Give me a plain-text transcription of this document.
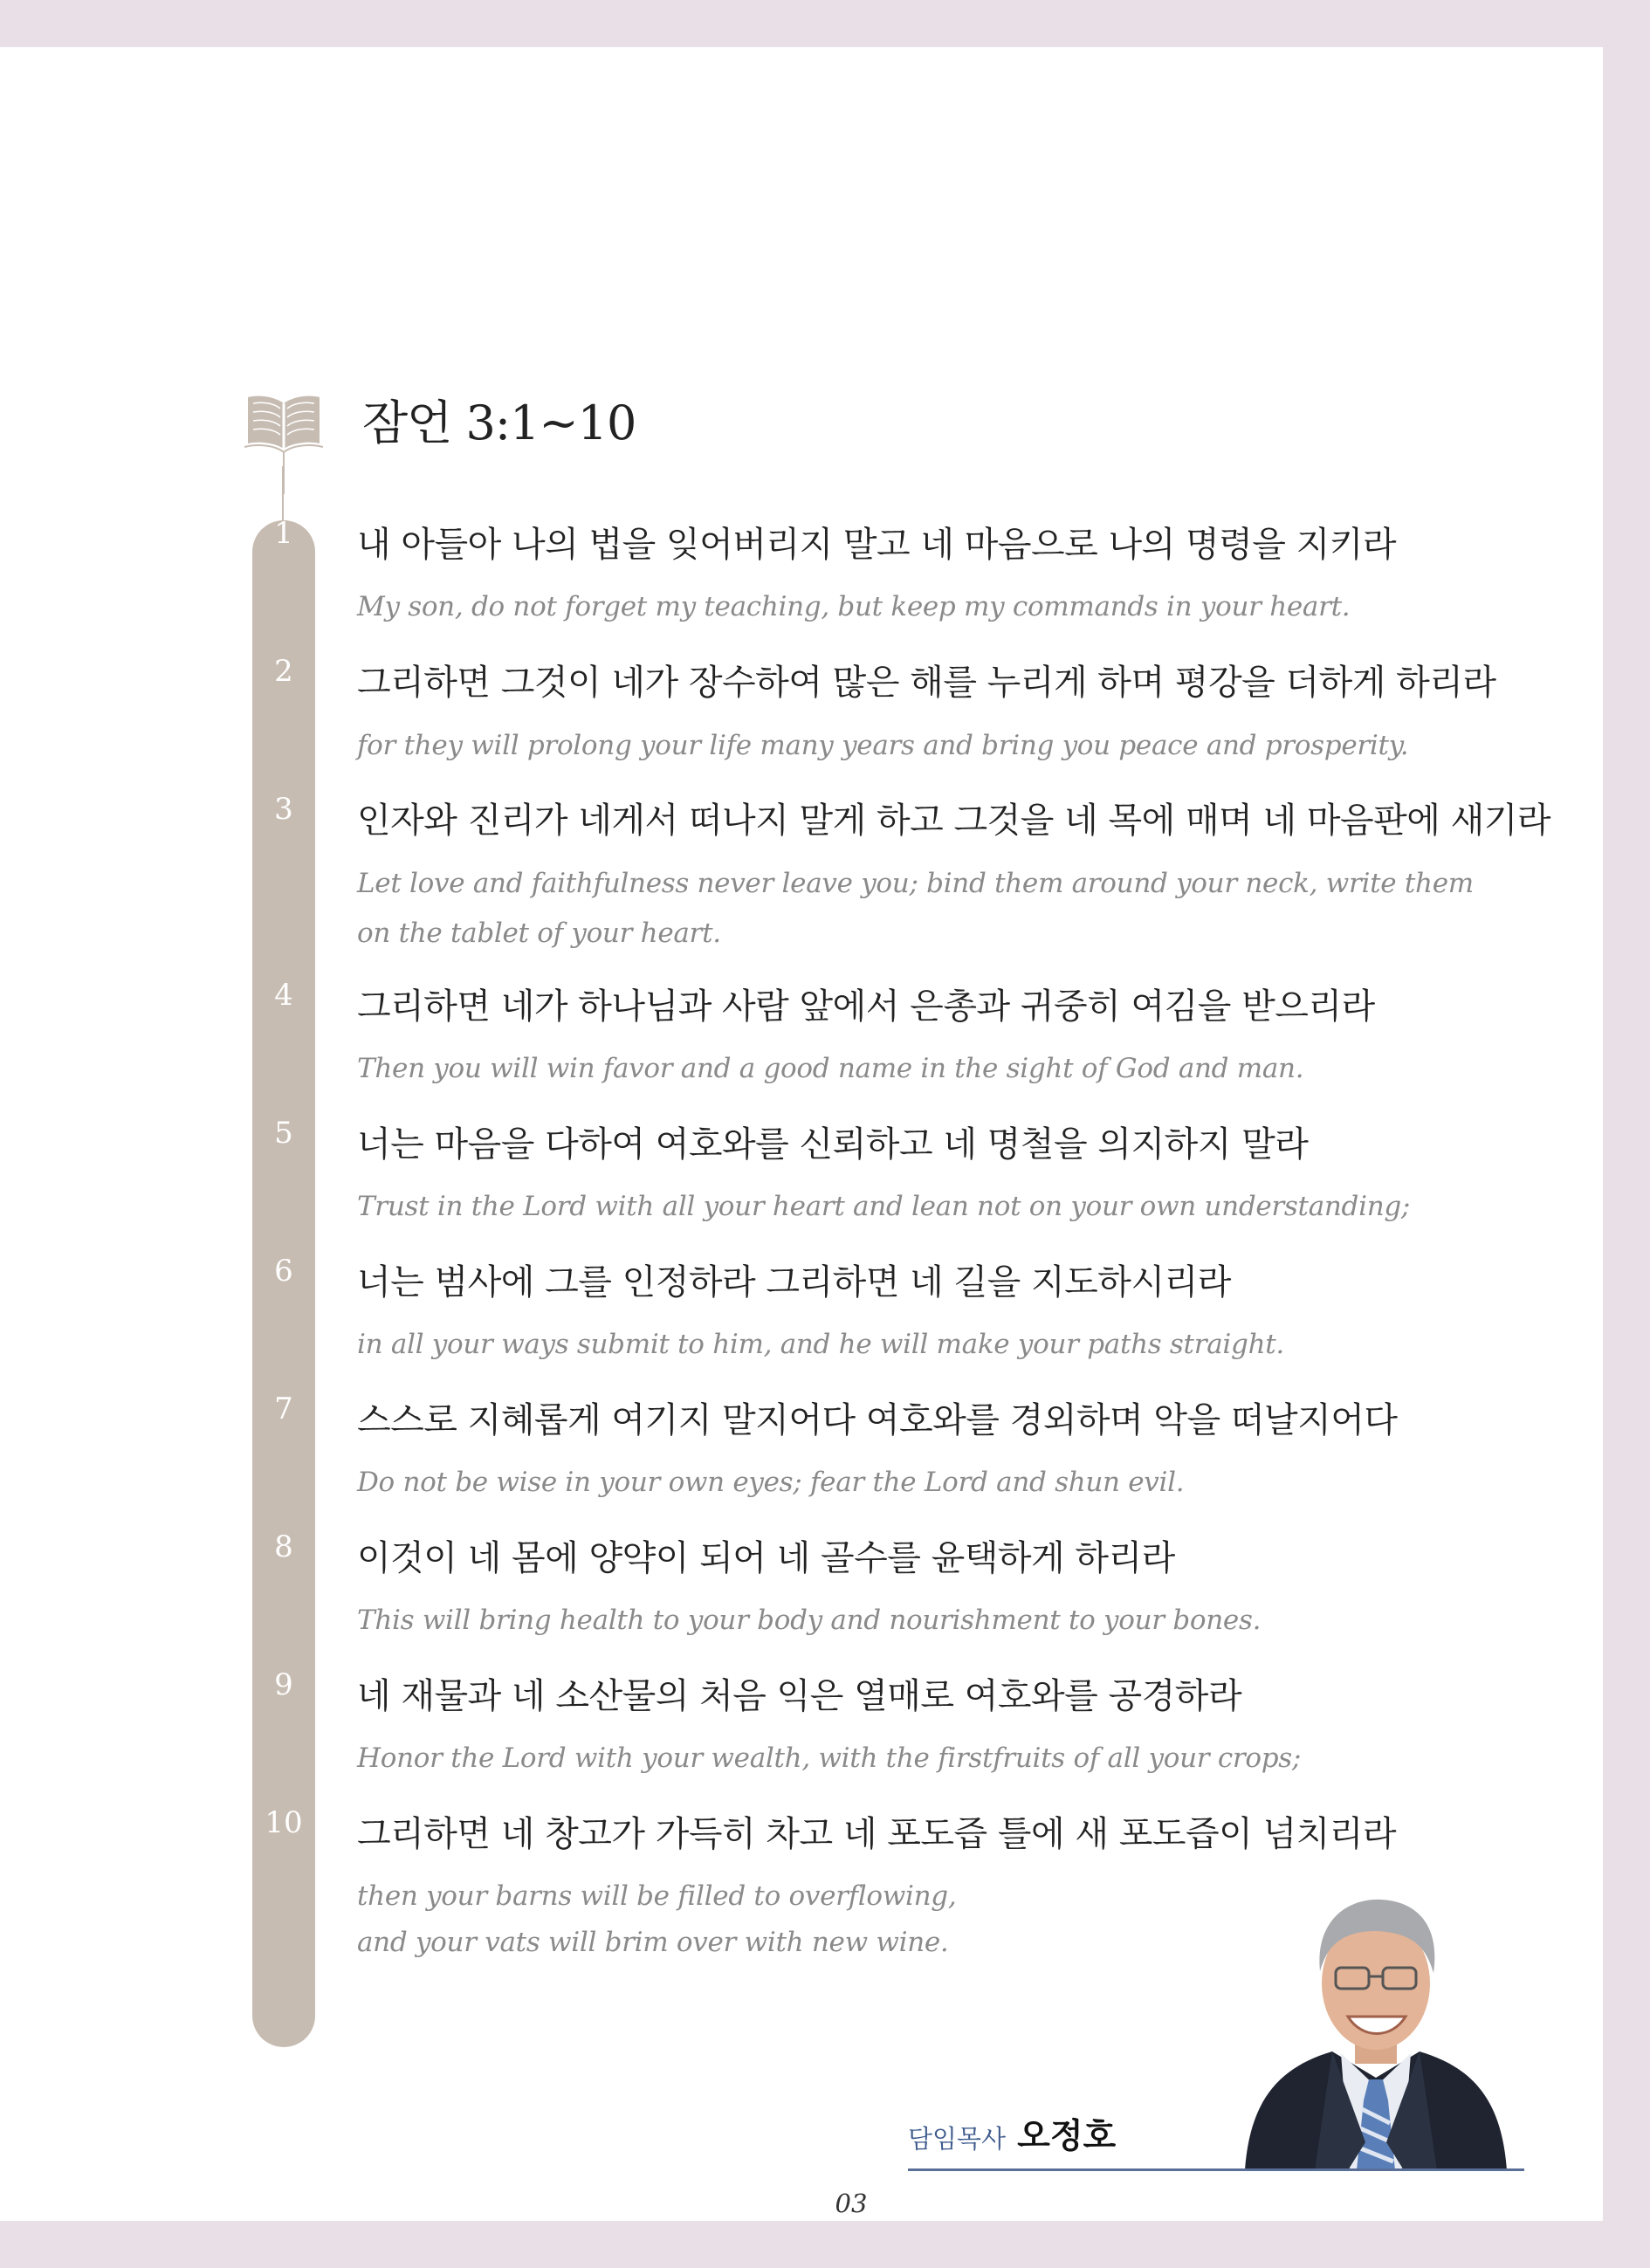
잠언 3:1~10
1	내 아들아 나의 법을 잊어버리지 말고 네 마음으로 나의 명령을 지키라
My son, do not forget my teaching, but keep my commands in your heart.
2	그리하면 그것이 네가 장수하여 많은 해를 누리게 하며 평강을 더하게 하리라
for they will prolong your life many years and bring you peace and prosperity.
3	인자와 진리가 네게서 떠나지 말게 하고 그것을 네 목에 매며 네 마음판에 새기라
Let love and faithfulness never leave you; bind them around your neck, write them
on the tablet of your heart.
4	그리하면 네가 하나님과 사람 앞에서 은총과 귀중히 여김을 받으리라
Then you will win favor and a good name in the sight of God and man.
5	너는 마음을 다하여 여호와를 신뢰하고 네 명철을 의지하지 말라
Trust in the Lord with all your heart and lean not on your own understanding;
6	너는 범사에 그를 인정하라 그리하면 네 길을 지도하시리라
in all your ways submit to him, and he will make your paths straight.
7	스스로 지혜롭게 여기지 말지어다 여호와를 경외하며 악을 떠날지어다
Do not be wise in your own eyes; fear the Lord and shun evil.
8	이것이 네 몸에 양약이 되어 네 골수를 윤택하게 하리라
This will bring health to your body and nourishment to your bones.
9	네 재물과 네 소산물의 처음 익은 열매로 여호와를 공경하라
Honor the Lord with your wealth, with the firstfruits of all your crops;
10	그리하면 네 창고가 가득히 차고 네 포도즙 틀에 새 포도즙이 넘치리라
then your barns will be filled to overflowing,
and your vats will brim over with new wine.
담임목사 오정호
03
